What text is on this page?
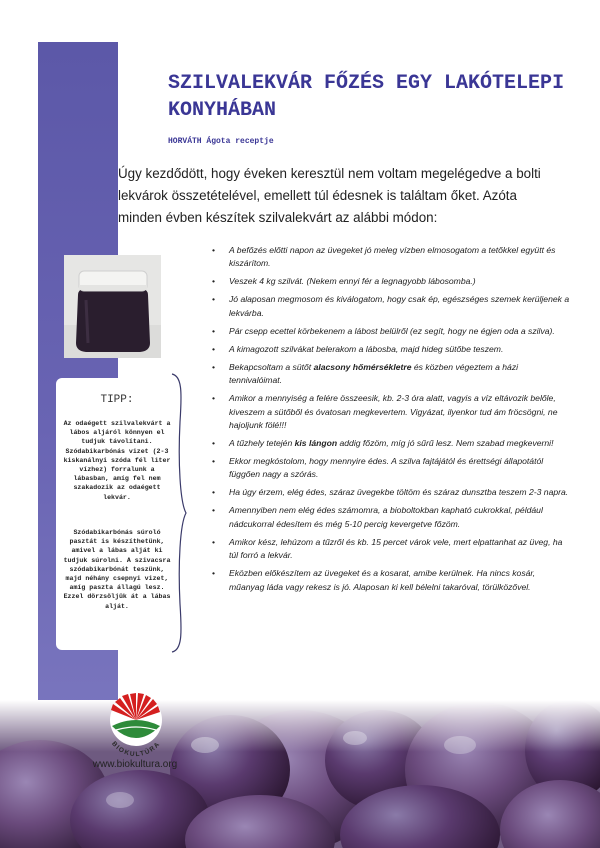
TIPP:

Az odaégett szilvalekvárt a lábos aljáról könnyen el tudjuk távolítani. Szódabikarbónás vizet (2-3 kiskanálnyi szóda fél liter vízhez) forralunk a lábasban, amíg fel nem szakadozik az odaégett lekvár.

Szódabikarbónás súroló pasztát is készíthetünk, amivel a lábas alját ki tudjuk súrolni. A szivacsra szódabikarbónát teszünk, majd néhány csepnyi vizet, amíg paszta állagú lesz. Ezzel dörzsöljük át a lábas alját.

SZILVALEKVÁR FŐZÉS EGY LAKÓTELEPI KONYHÁBAN

HORVÁTH Ágota receptje

Úgy kezdődött, hogy éveken keresztül nem voltam megelégedve a bolti lekvárok összetételével, emellett túl édesnek is találtam őket. Azóta minden évben készítek szilvalekvárt az alábbi módon:

• A befőzés előtti napon az üvegeket jó meleg vízben elmosogatom a tetőkkel együtt és kiszárítom.
• Veszek 4 kg szilvát. (Nekem ennyi fér a legnagyobb lábosomba.)
• Jó alaposan megmosom és kiválogatom, hogy csak ép, egészséges szemek kerüljenek a lekvárba.
• Pár csepp ecettel körbekenem a lábost belülről (ez segít, hogy ne égjen oda a szilva).
• A kimagozott szilvákat belerakom a lábosba, majd hideg sütőbe teszem.
• Bekapcsoltam a sütőt alacsony hőmérsékletre és közben végeztem a házi tennivalóimat.
• Amikor a mennyiség a felére összeesik, kb. 2-3 óra alatt, vagyis a víz eltávozik belőle, kiveszem a sütőből és óvatosan megkevertem. Vigyázat, ilyenkor tud ám fröcsögni, ne hajoljunk fölé!!!
• A tűzhely tetején kis lángon addig főzöm, míg jó sűrű lesz. Nem szabad megkeverni!
• Ekkor megkóstolom, hogy mennyire édes. A szilva fajtájától és érettségi állapotától függően nagy a szórás.
• Ha úgy érzem, elég édes, száraz üvegekbe töltöm és száraz dunsztba teszem 2-3 napra.
• Amennyiben nem elég édes számomra, a bioboltokban kapható cukrokkal, például nádcukorral édesítem és még 5-10 percig kevergetve főzöm.
• Amikor kész, lehúzom a tűzről és kb. 15 percet várok vele, mert elpattanhat az üveg, ha túl forró a lekvár.
• Eközben előkészítem az üvegeket és a kosarat, amibe kerülnek. Ha nincs kosár, műanyag láda vagy rekesz is jó. Alaposan ki kell bélelni takaróval, törülközővel.
BIOKULTÚRA

www.biokultura.org
